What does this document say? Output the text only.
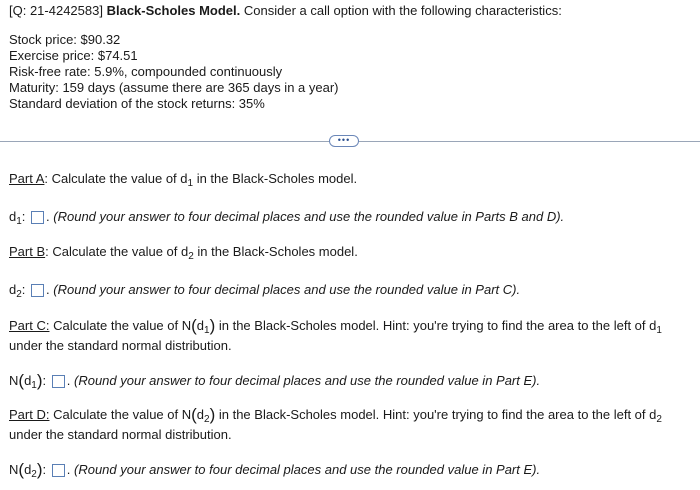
[Q: 21-4242583] Black-Scholes Model. Consider a call option with the following characteristics:
Stock price: $90.32
Exercise price: $74.51
Risk-free rate: 5.9%, compounded continuously
Maturity: 159 days (assume there are 365 days in a year)
Standard deviation of the stock returns: 35%
•••
Part A: Calculate the value of $d_1$ in the Black-Scholes model.
$d_1$: . (Round your answer to four decimal places and use the rounded value in Parts B and D).
Part B: Calculate the value of $d_2$ in the Black-Scholes model.
$d_2$: . (Round your answer to four decimal places and use the rounded value in Part C).
Part C: Calculate the value of $N(d_1)$ in the Black-Scholes model. Hint: you're trying to find the area to the left of $d_1$
under the standard normal distribution.
$N(d_1)$: . (Round your answer to four decimal places and use the rounded value in Part E).
Part D: Calculate the value of $N(d_2)$ in the Black-Scholes model. Hint: you're trying to find the area to the left of $d_2$
under the standard normal distribution.
$N(d_2)$: . (Round your answer to four decimal places and use the rounded value in Part E).
